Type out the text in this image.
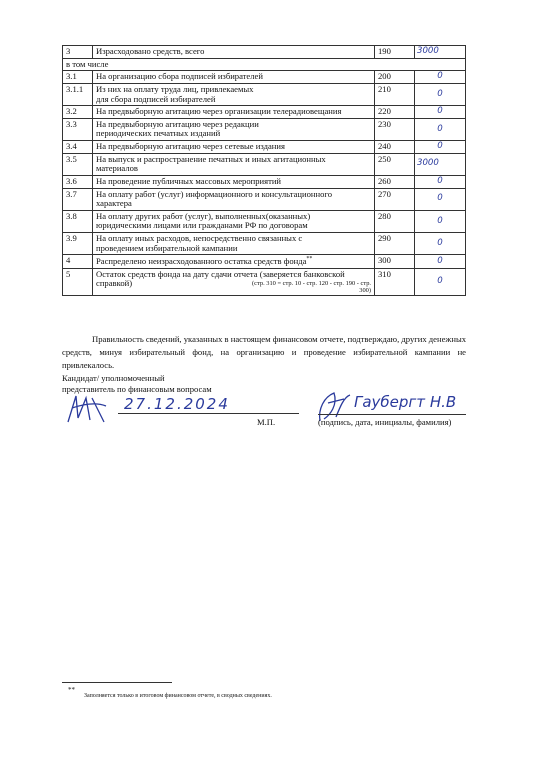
3	Израсходовано средств, всего	190	3000
в том числе			
3.1	На организацию сбора подписей избирателей	200	0
3.1.1	Из них на оплату труда лиц, привлекаемых
для сбора подписей избирателей	210	0
3.2	На предвыборную агитацию через организации телерадиовещания	220	0
3.3	На предвыборную агитацию через редакции
периодических печатных изданий	230	0
3.4	На предвыборную агитацию через сетевые издания	240	0
3.5	На выпуск и распространение печатных и иных агитационных
материалов	250	3000
3.6	На проведение публичных массовых мероприятий	260	0
3.7	На оплату работ (услуг) информационного и консультационного
характера	270	0
3.8	На оплату других работ (услуг), выполненных(оказанных)
юридическими лицами или гражданами РФ по договорам	280	0
3.9	На оплату иных расходов, непосредственно связанных с
проведением избирательной кампании	290	0
4	Распределено неизрасходованного остатка средств фонда**	300	0
5	Остаток средств фонда на дату сдачи отчета (заверяется банковской
справкой) (стр. 310 = стр. 10 - стр. 120 - стр. 190 - стр.
300)	310	0

Правильность сведений, указанных в настоящем финансовом отчете, подтверждаю, других денежных средств, минуя избирательный фонд, на организацию и проведение избирательной кампании не привлекалось.

Кандидат/ уполномоченный
представитель по финансовым вопросам
27.12.2024
М.П.
Гаубергт Н.В
(подпись, дата, инициалы, фамилия)
**
Заполняется только в итоговом финансовом отчете, в сводных сведениях.
